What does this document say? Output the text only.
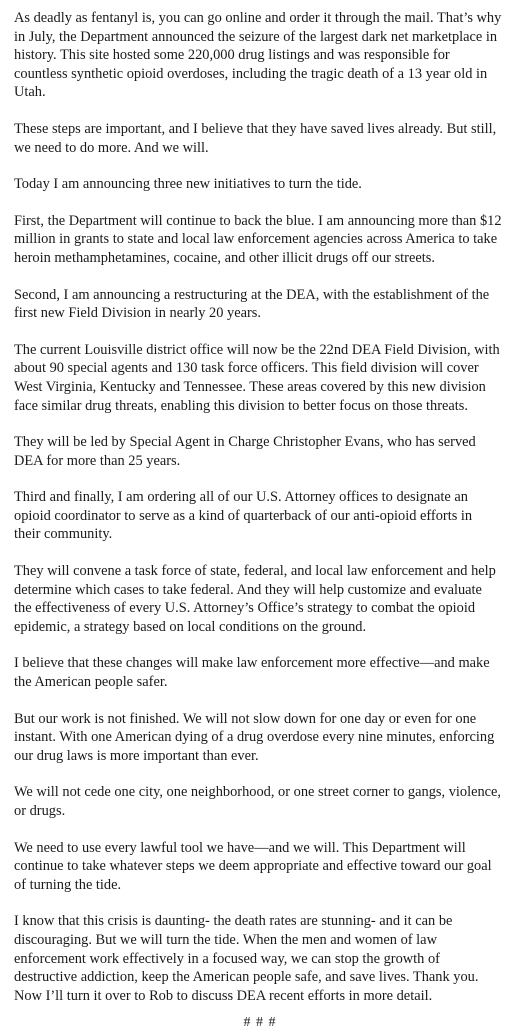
As deadly as fentanyl is, you can go online and order it through the mail. That’s why in July, the Department announced the seizure of the largest dark net marketplace in history. This site hosted some 220,000 drug listings and was responsible for countless synthetic opioid overdoses, including the tragic death of a 13 year old in Utah.

These steps are important, and I believe that they have saved lives already. But still, we need to do more. And we will.

Today I am announcing three new initiatives to turn the tide.

First, the Department will continue to back the blue. I am announcing more than $12 million in grants to state and local law enforcement agencies across America to take heroin methamphetamines, cocaine, and other illicit drugs off our streets.

Second, I am announcing a restructuring at the DEA, with the establishment of the first new Field Division in nearly 20 years.

The current Louisville district office will now be the 22nd DEA Field Division, with about 90 special agents and 130 task force officers. This field division will cover West Virginia, Kentucky and Tennessee. These areas covered by this new division face similar drug threats, enabling this division to better focus on those threats.

They will be led by Special Agent in Charge Christopher Evans, who has served DEA for more than 25 years.

Third and finally, I am ordering all of our U.S. Attorney offices to designate an opioid coordinator to serve as a kind of quarterback of our anti-opioid efforts in their community.

They will convene a task force of state, federal, and local law enforcement and help determine which cases to take federal. And they will help customize and evaluate the effectiveness of every U.S. Attorney’s Office’s strategy to combat the opioid epidemic, a strategy based on local conditions on the ground.

I believe that these changes will make law enforcement more effective—and make the American people safer.

But our work is not finished. We will not slow down for one day or even for one instant. With one American dying of a drug overdose every nine minutes, enforcing our drug laws is more important than ever.

We will not cede one city, one neighborhood, or one street corner to gangs, violence, or drugs.

We need to use every lawful tool we have—and we will. This Department will continue to take whatever steps we deem appropriate and effective toward our goal of turning the tide.

I know that this crisis is daunting- the death rates are stunning- and it can be discouraging. But we will turn the tide. When the men and women of law enforcement work effectively in a focused way, we can stop the growth of destructive addiction, keep the American people safe, and save lives. Thank you. Now I’ll turn it over to Rob to discuss DEA recent efforts in more detail.

# # #
